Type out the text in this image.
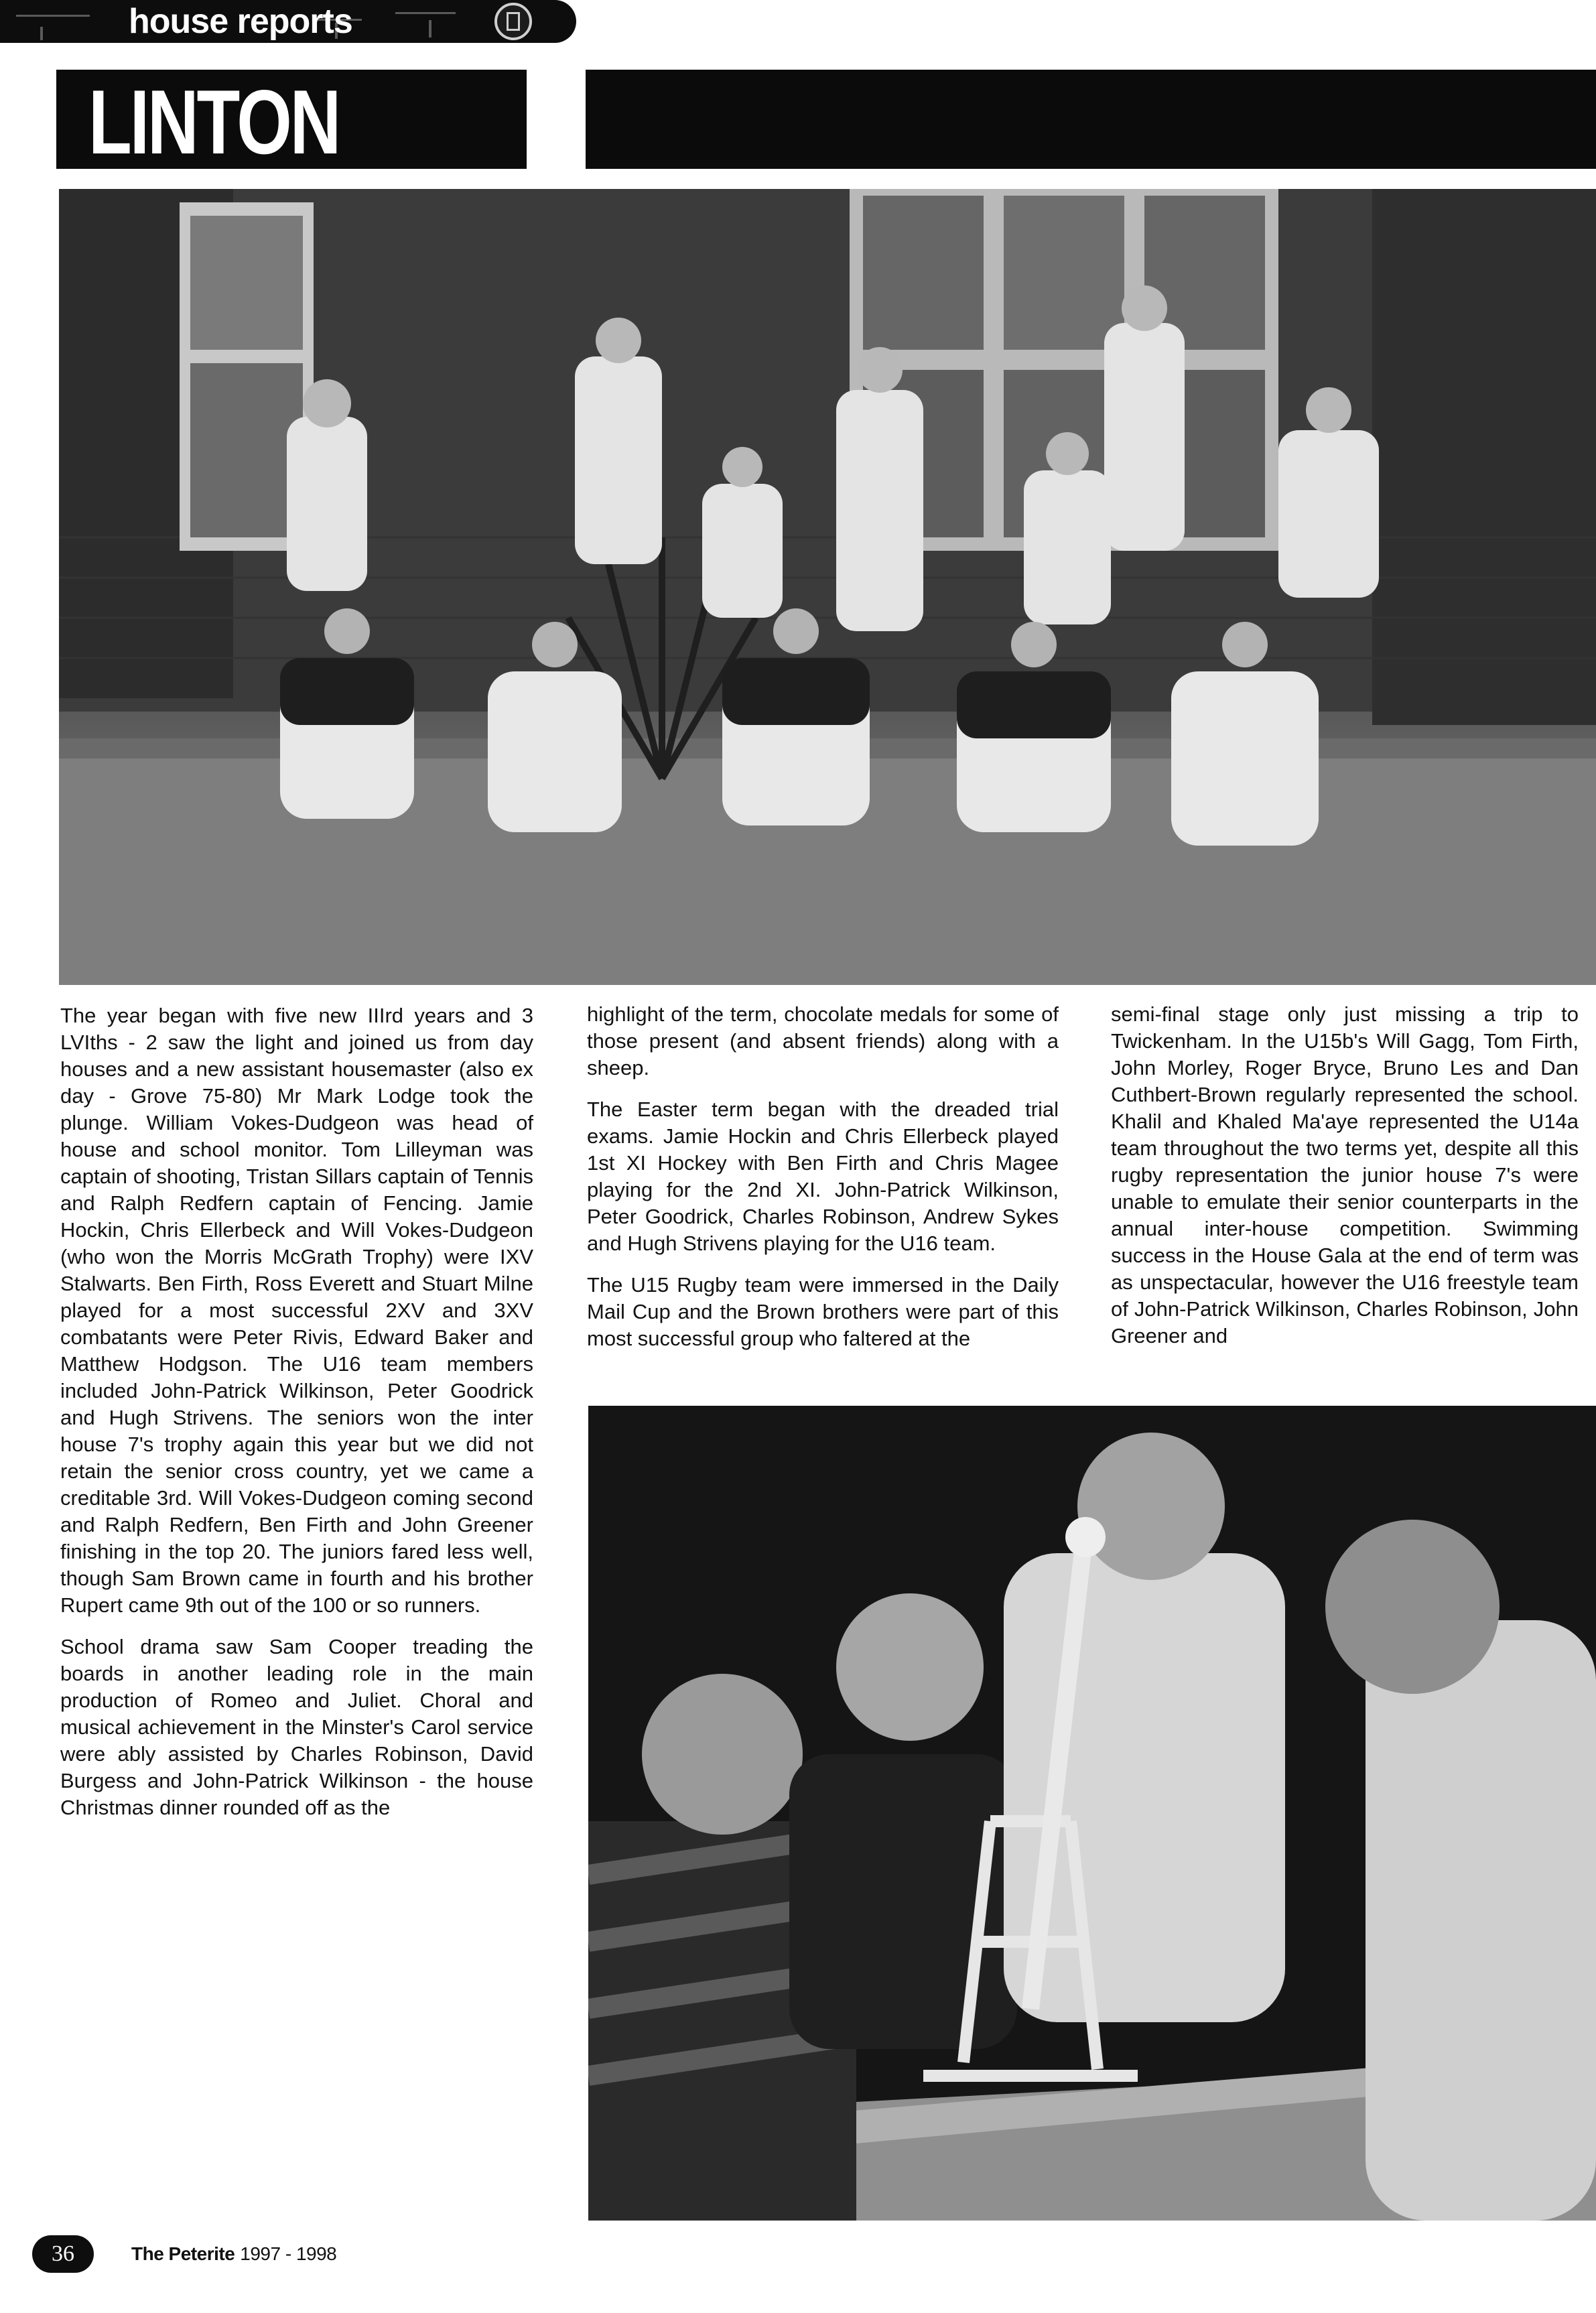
house reports
LINTON

The year began with five new IIIrd years and 3 LVIths - 2 saw the light and joined us from day houses and a new assistant housemaster (also ex day - Grove 75-80) Mr Mark Lodge took the plunge. William Vokes-Dudgeon was head of house and school monitor. Tom Lilleyman was captain of shooting, Tristan Sillars captain of Tennis and Ralph Redfern captain of Fencing. Jamie Hockin, Chris Ellerbeck and Will Vokes-Dudgeon (who won the Morris McGrath Trophy) were IXV Stalwarts. Ben Firth, Ross Everett and Stuart Milne played for a most successful 2XV and 3XV combatants were Peter Rivis, Edward Baker and Matthew Hodgson. The U16 team members included John-Patrick Wilkinson, Peter Goodrick and Hugh Strivens. The seniors won the inter house 7's trophy again this year but we did not retain the senior cross country, yet we came a creditable 3rd. Will Vokes-Dudgeon coming second and Ralph Redfern, Ben Firth and John Greener finishing in the top 20. The juniors fared less well, though Sam Brown came in fourth and his brother Rupert came 9th out of the 100 or so runners.

School drama saw Sam Cooper treading the boards in another leading role in the main production of Romeo and Juliet. Choral and musical achievement in the Minster's Carol service were ably assisted by Charles Robinson, David Burgess and John-Patrick Wilkinson - the house Christmas dinner rounded off as the

highlight of the term, chocolate medals for some of those present (and absent friends) along with a sheep.

The Easter term began with the dreaded trial exams. Jamie Hockin and Chris Ellerbeck played 1st XI Hockey with Ben Firth and Chris Magee playing for the 2nd XI. John-Patrick Wilkinson, Peter Goodrick, Charles Robinson, Andrew Sykes and Hugh Strivens playing for the U16 team.

The U15 Rugby team were immersed in the Daily Mail Cup and the Brown brothers were part of this most successful group who faltered at the

semi-final stage only just missing a trip to Twickenham. In the U15b's Will Gagg, Tom Firth, John Morley, Roger Bryce, Bruno Les and Dan Cuthbert-Brown regularly represented the school. Khalil and Khaled Ma'aye represented the U14a team throughout the two terms yet, despite all this rugby representation the junior house 7's were unable to emulate their senior counterparts in the annual inter-house competition. Swimming success in the House Gala at the end of term was as unspectacular, however the U16 freestyle team of John-Patrick Wilkinson, Charles Robinson, John Greener and

36	The Peterite 1997 - 1998
